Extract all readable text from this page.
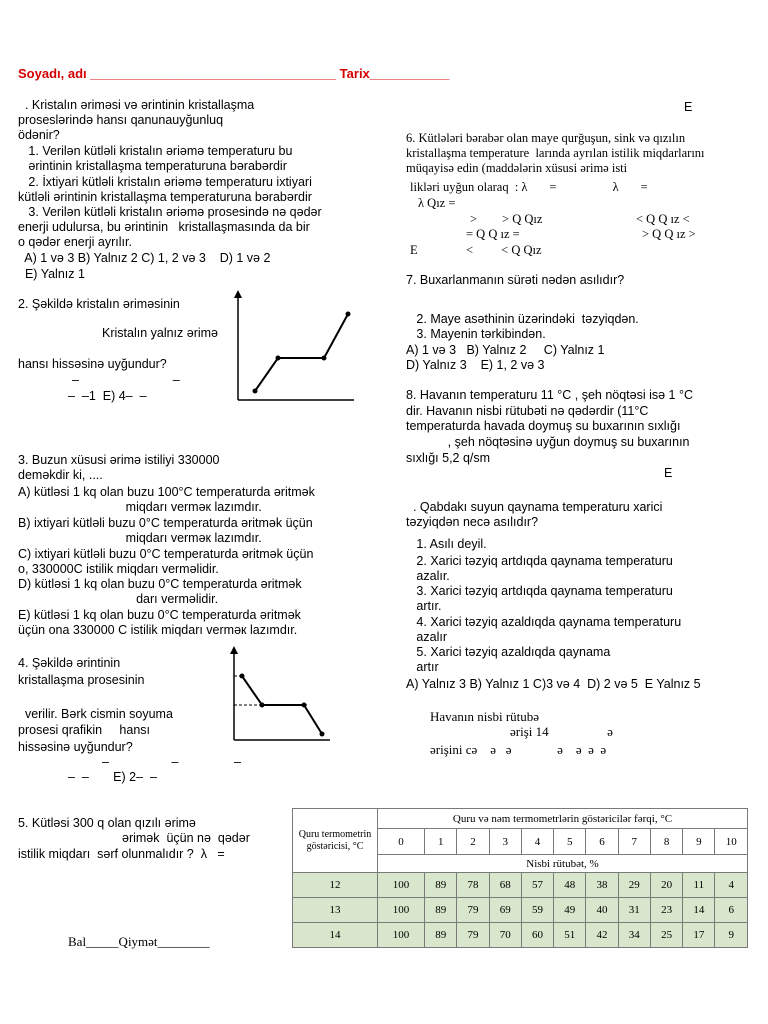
Soyadı, adı __________________________________ Tarix___________
. Kristalın əriməsi və ərintinin kristallaşma
proseslərində hansı qanunauyğunluq
ödənir?
1. Verilən kütləli kristalın əriəmə temperaturu bu
ərintinin kristallaşma temperaturuna bərabərdir
2. İxtiyari kütləli kristalın əriəmə temperaturu ixtiyari
kütləli ərintinin kristallaşma temperaturuna bərabərdir
3. Verilən kütləli kristalın əriəmə prosesində nə qədər
enerji udulursa, bu ərintinin   kristallaşmasında da bir
o qədər enerji ayrılır.
A) 1 və 3 B) Yalnız 2 C) 1, 2 və 3    D) 1 və 2
E) Yalnız 1
2. Şəkildə kristalın əriməsinin
Kristalın yalnız ərimə
hansı hissəsinə uyğundur?
–                           –
–  –1  E) 4–  –
3. Buzun xüsusi ərimə istiliyi 330000
deməkdir ki, ....
A) kütləsi 1 kq olan buzu 100°C temperaturda əritmək
miqdarı verməк lazımdır.
B) ixtiyari kütləli buzu 0°C temperaturda əritmək üçün
miqdarı verməк lazımdır.
C) ixtiyari kütləli buzu 0°C temperaturda əritmək üçün
o, 330000C istilik miqdarı verməlidir.
D) kütləsi 1 kq olan buzu 0°C temperaturda əritmək
darı verməlidir.
E) kütləsi 1 kq olan buzu 0°C temperaturda əritmək
üçün ona 330000 C istilik miqdarı verməк lazımdır.
4. Şəkildə ərintinin
kristallaşma prosesinin
verilir. Bərk cismin soyuma
prosesi qrafikin     hansı
hissəsinə uyğundur?
–                  –                –
–  –       E) 2–  –
5. Kütləsi 300 q olan qızılı ərimə
ərimək  üçün nə  qədər
istilik miqdarı  sərf olunmalıdır ?  λ   =
Bal_____Qiymət________
E
6. Kütlələri bərabər olan maye qurğuşun, sink və qızılın
kristallaşma temperature  larında ayrılan istilik miqdarlarını
müqayisə edin (maddələrin xüsusi ərimə isti
likləri uyğun olaraq  : λ       =                  λ       =
λ Qız =
>        > Q Qız	< Q Q ız <
= Q Q ız =	> Q Q ız >
E	<         < Q Qız
7. Buxarlanmanın sürəti nədən asılıdır?
2. Maye asəthinin üzərindəki  təzyiqdən.
3. Mayenin tərkibindən.
A) 1 və 3   B) Yalnız 2     C) Yalnız 1
D) Yalnız 3    E) 1, 2 və 3
8. Havanın temperaturu 11 °C , şeh nöqtəsi isə 1 °C
dir. Havanın nisbi rütubəti nə qədərdir (11°C
temperaturda havada doymuş su buxarının sıxlığı
, şeh nöqtəsinə uyğun doymuş su buxarının
sıxlığı 5,2 q/sm
E
. Qabdakı suyun qaynama temperaturu xarici
təzyiqdən necə asılıdır?
1. Asılı deyil.
2. Xarici təzyiq artdıqda qaynama temperaturu
azalır.
3. Xarici təzyiq artdıqda qaynama temperaturu
artır.
4. Xarici təzyiq azaldıqda qaynama temperaturu
azalır
5. Xarici təzyiq azaldıqda qaynama
artır
A) Yalnız 3 B) Yalnız 1 C)3 və 4  D) 2 və 5  E Yalnız 5
Havanın nisbi rütubə
ərişi 14                  ə
ərişini cə    ə   ə              ə    ə  ə  ə
Quru termometrin göstəricisi, °C	Quru və nəm termometrlərin göstəricilər fərqi, °C										
	0	1	2	3	4	5	6	7	8	9	10
	Nisbi rütubət, %										
12	100	89	78	68	57	48	38	29	20	11	4
13	100	89	79	69	59	49	40	31	23	14	6
14	100	89	79	70	60	51	42	34	25	17	9
